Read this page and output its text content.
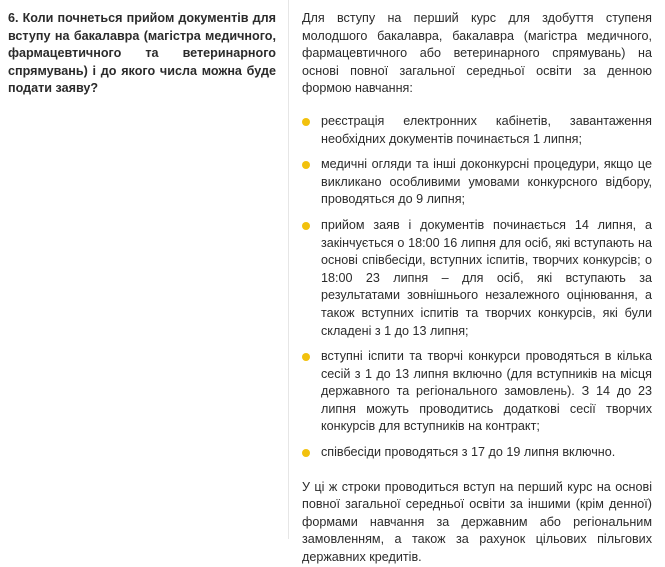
6. Коли почнеться прийом документів для вступу на бакалавра (магістра медичного, фармацевтичного та ветеринарного спрямувань) і до якого числа можна буде подати заяву?

Для вступу на перший курс для здобуття ступеня молодшого бакалавра, бакалавра (магістра медичного, фармацевтичного або ветеринарного спрямувань) на основі повної загальної середньої освіти за денною формою навчання:

реєстрація електронних кабінетів, завантаження необхідних документів починається 1 липня;
медичні огляди та інші доконкурсні процедури, якщо це викликано особливими умовами конкурсного відбору, проводяться до 9 липня;
прийом заяв і документів починається 14 липня, а закінчується о 18:00 16 липня для осіб, які вступають на основі співбесіди, вступних іспитів, творчих конкурсів; о 18:00 23 липня – для осіб, які вступають за результатами зовнішнього незалежного оцінювання, а також вступних іспитів та творчих конкурсів, які були складені з 1 до 13 липня;
вступні іспити та творчі конкурси проводяться в кілька сесій з 1 до 13 липня включно (для вступників на місця державного та регіонального замовлень). З 14 до 23 липня можуть проводитись додаткові сесії творчих конкурсів для вступників на контракт;
співбесіди проводяться з 17 до 19 липня включно.

У ці ж строки проводиться вступ на перший курс на основі повної загальної середньої освіти за іншими (крім денної) формами навчання за державним або регіональним замовленням, а також за рахунок цільових пільгових державних кредитів.
